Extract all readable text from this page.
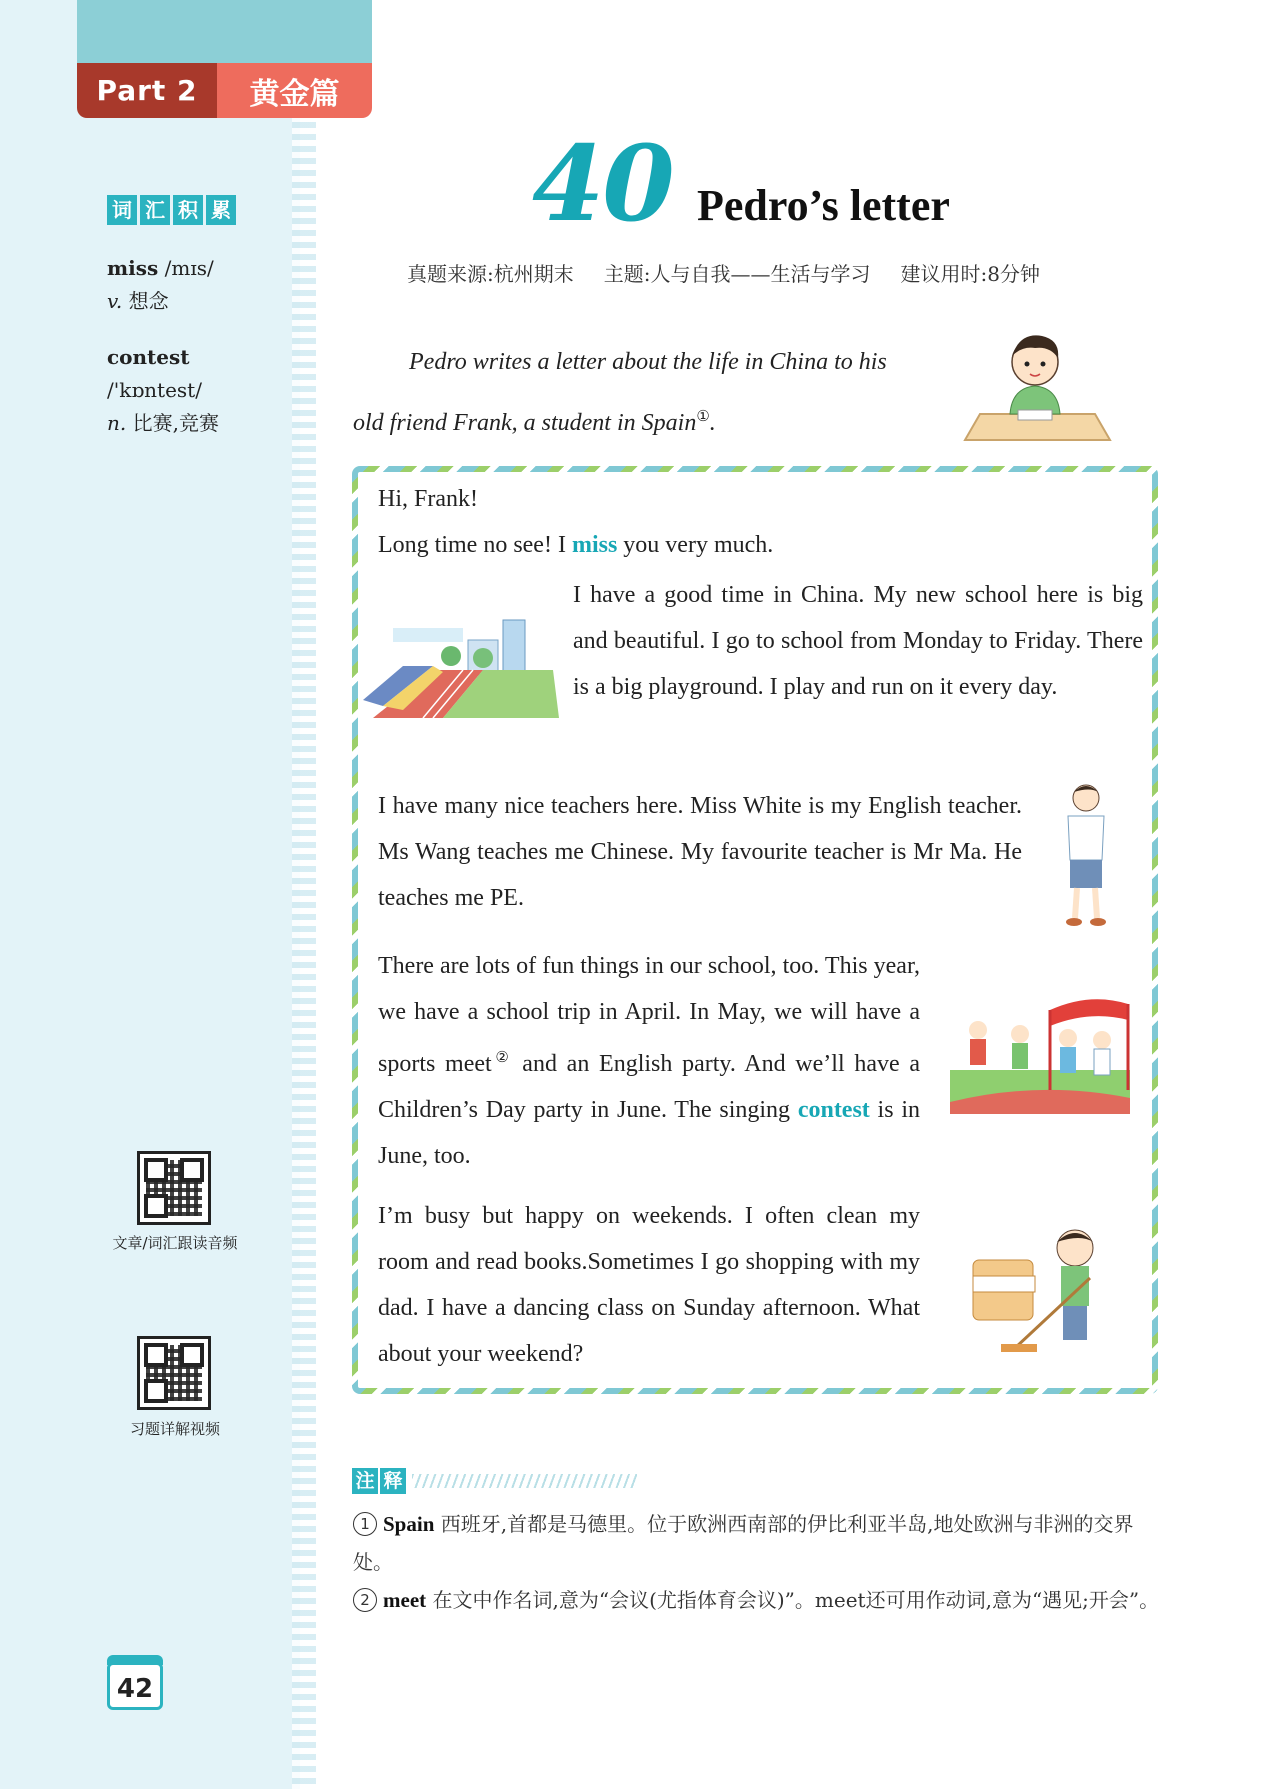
Part 2	黄金篇
词 汇 积 累
miss /mɪs/
v. 想念
contest
/'kɒntest/
n. 比赛,竞赛
文章/词汇跟读音频
习题详解视频
42
40 Pedro’s letter
真题来源:杭州期末 主题:人与自我——生活与学习 建议用时:8分钟
Pedro writes a letter about the life in China to his
old friend Frank, a student in Spain①.
Hi, Frank!
Long time no see! I miss you very much.
I have a good time in China. My new school here is big and beautiful. I go to school from Monday to Friday. There is a big playground. I play and run on it every day.
I have many nice teachers here. Miss White is my English teacher. Ms Wang teaches me Chinese. My favourite teacher is Mr Ma. He teaches me PE.
There are lots of fun things in our school, too. This year, we have a school trip in April. In May, we will have a sports meet② and an English party. And we’ll have a Children’s Day party in June. The singing contest is in June, too.
I’m busy but happy on weekends. I often clean my room and read books.Sometimes I go shopping with my dad. I have a dancing class on Sunday afternoon. What about your weekend?
注 释
1 Spain 西班牙,首都是马德里。位于欧洲西南部的伊比利亚半岛,地处欧洲与非洲的交界处。
2 meet 在文中作名词,意为“会议(尤指体育会议)”。meet还可用作动词,意为“遇见;开会”。
